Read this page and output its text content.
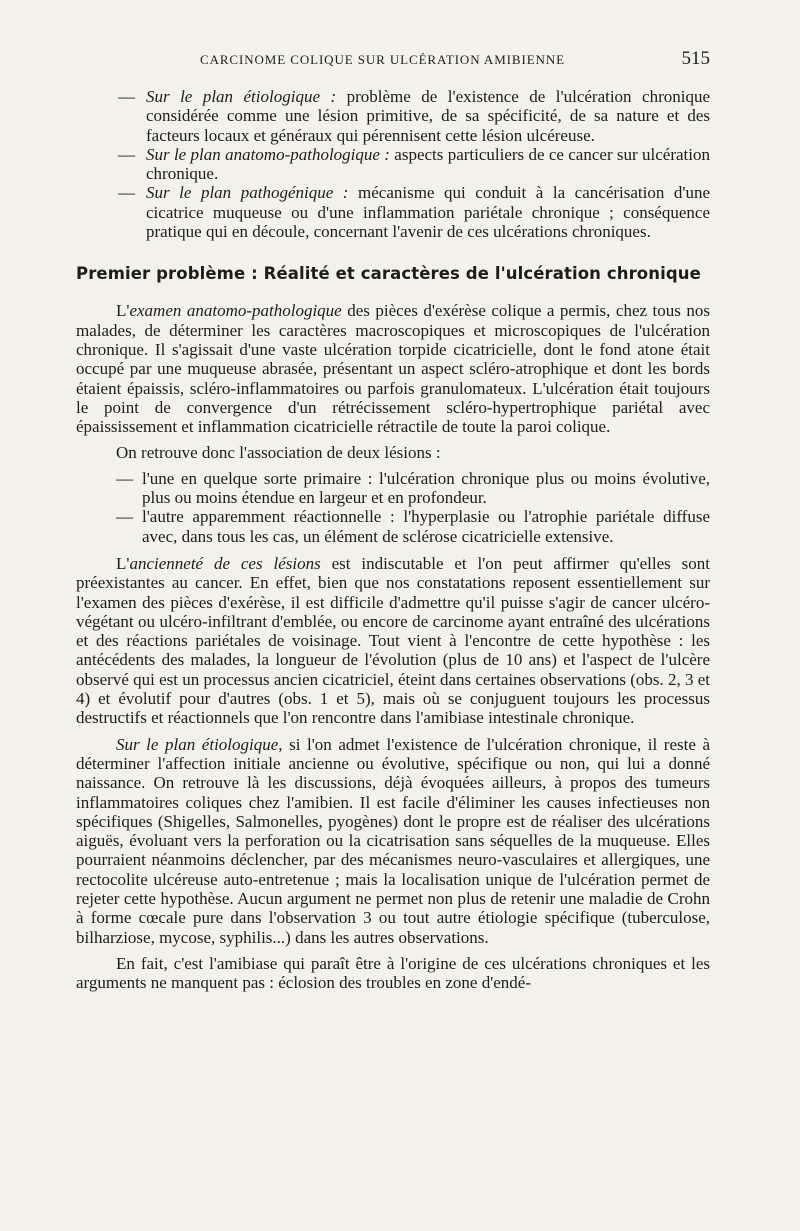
CARCINOME COLIQUE SUR ULCÉRATION AMIBIENNE	515

— Sur le plan étiologique : problème de l'existence de l'ulcération chronique considérée comme une lésion primitive, de sa spécificité, de sa nature et des facteurs locaux et généraux qui pérennisent cette lésion ulcéreuse.

— Sur le plan anatomo-pathologique : aspects particuliers de ce cancer sur ulcération chronique.

— Sur le plan pathogénique : mécanisme qui conduit à la cancérisation d'une cicatrice muqueuse ou d'une inflammation pariétale chronique ; conséquence pratique qui en découle, concernant l'avenir de ces ulcérations chroniques.

Premier problème : Réalité et caractères de l'ulcération chronique

L'examen anatomo-pathologique des pièces d'exérèse colique a permis, chez tous nos malades, de déterminer les caractères macroscopiques et microscopiques de l'ulcération chronique. Il s'agissait d'une vaste ulcération torpide cicatricielle, dont le fond atone était occupé par une muqueuse abrasée, présentant un aspect scléro-atrophique et dont les bords étaient épaissis, scléro-inflammatoires ou parfois granulomateux. L'ulcération était toujours le point de convergence d'un rétrécissement scléro-hypertrophique pariétal avec épaississement et inflammation cicatricielle rétractile de toute la paroi colique.

On retrouve donc l'association de deux lésions :

— l'une en quelque sorte primaire : l'ulcération chronique plus ou moins évolutive, plus ou moins étendue en largeur et en profondeur.

— l'autre apparemment réactionnelle : l'hyperplasie ou l'atrophie pariétale diffuse avec, dans tous les cas, un élément de sclérose cicatricielle extensive.

L'ancienneté de ces lésions est indiscutable et l'on peut affirmer qu'elles sont préexistantes au cancer. En effet, bien que nos constatations reposent essentiellement sur l'examen des pièces d'exérèse, il est difficile d'admettre qu'il puisse s'agir de cancer ulcéro-végétant ou ulcéro-infiltrant d'emblée, ou encore de carcinome ayant entraîné des ulcérations et des réactions pariétales de voisinage. Tout vient à l'encontre de cette hypothèse : les antécédents des malades, la longueur de l'évolution (plus de 10 ans) et l'aspect de l'ulcère observé qui est un processus ancien cicatriciel, éteint dans certaines observations (obs. 2, 3 et 4) et évolutif pour d'autres (obs. 1 et 5), mais où se conjuguent toujours les processus destructifs et réactionnels que l'on rencontre dans l'amibiase intestinale chronique.

Sur le plan étiologique, si l'on admet l'existence de l'ulcération chronique, il reste à déterminer l'affection initiale ancienne ou évolutive, spécifique ou non, qui lui a donné naissance. On retrouve là les discussions, déjà évoquées ailleurs, à propos des tumeurs inflammatoires coliques chez l'amibien. Il est facile d'éliminer les causes infectieuses non spécifiques (Shigelles, Salmonelles, pyogènes) dont le propre est de réaliser des ulcérations aiguës, évoluant vers la perforation ou la cicatrisation sans séquelles de la muqueuse. Elles pourraient néanmoins déclencher, par des mécanismes neuro-vasculaires et allergiques, une rectocolite ulcéreuse auto-entretenue ; mais la localisation unique de l'ulcération permet de rejeter cette hypothèse. Aucun argument ne permet non plus de retenir une maladie de Crohn à forme cœcale pure dans l'observation 3 ou tout autre étiologie spécifique (tuberculose, bilharziose, mycose, syphilis...) dans les autres observations.

En fait, c'est l'amibiase qui paraît être à l'origine de ces ulcérations chroniques et les arguments ne manquent pas : éclosion des troubles en zone d'endé-
